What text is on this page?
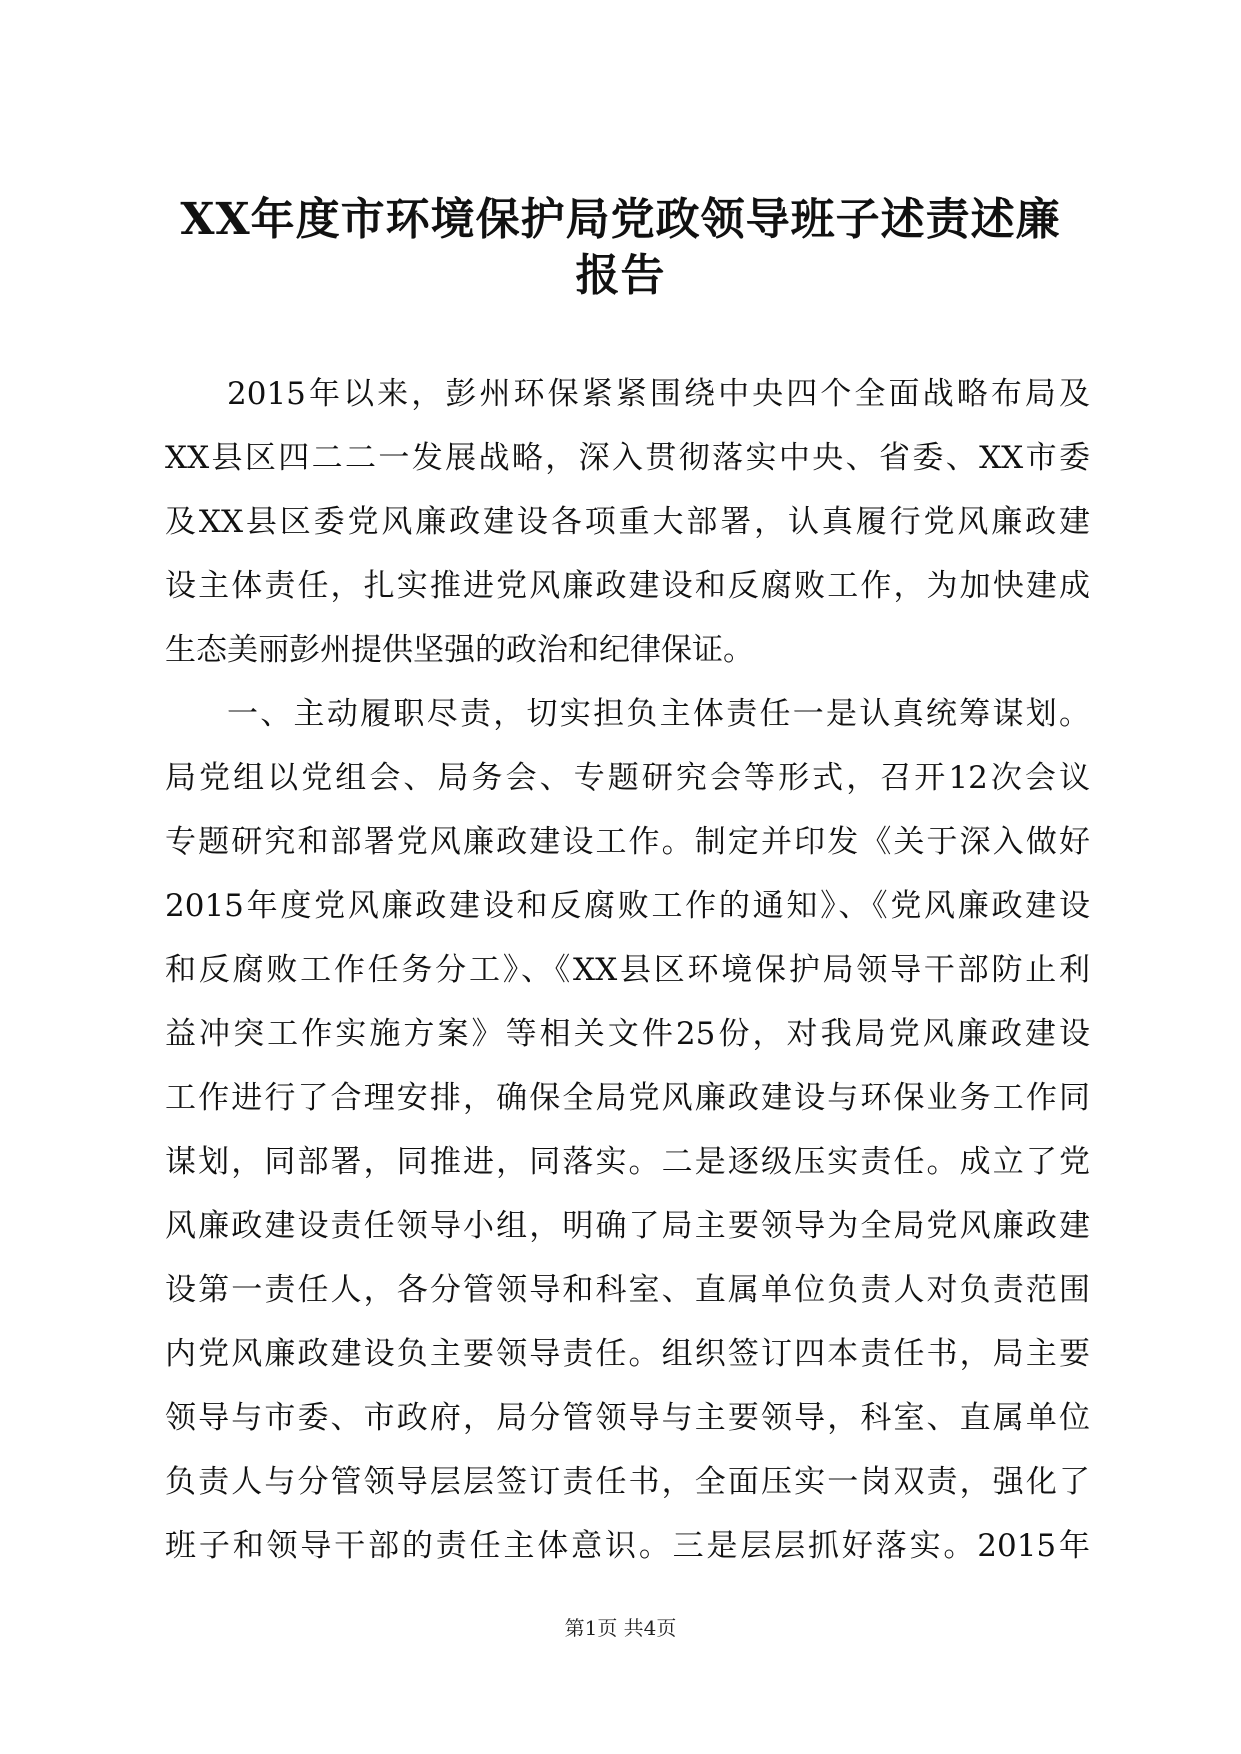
XX年度市环境保护局党政领导班子述责述廉
报告
2015年以来，彭州环保紧紧围绕中央四个全面战略布局及
XX县区四二二一发展战略，深入贯彻落实中央、省委、XX市委
及XX县区委党风廉政建设各项重大部署，认真履行党风廉政建
设主体责任，扎实推进党风廉政建设和反腐败工作，为加快建成
生态美丽彭州提供坚强的政治和纪律保证。
一、主动履职尽责，切实担负主体责任一是认真统筹谋划。
局党组以党组会、局务会、专题研究会等形式，召开12次会议
专题研究和部署党风廉政建设工作。制定并印发《关于深入做好
2015年度党风廉政建设和反腐败工作的通知》、《党风廉政建设
和反腐败工作任务分工》、《XX县区环境保护局领导干部防止利
益冲突工作实施方案》等相关文件25份，对我局党风廉政建设
工作进行了合理安排，确保全局党风廉政建设与环保业务工作同
谋划，同部署，同推进，同落实。二是逐级压实责任。成立了党
风廉政建设责任领导小组，明确了局主要领导为全局党风廉政建
设第一责任人，各分管领导和科室、直属单位负责人对负责范围
内党风廉政建设负主要领导责任。组织签订四本责任书，局主要
领导与市委、市政府，局分管领导与主要领导，科室、直属单位
负责人与分管领导层层签订责任书，全面压实一岗双责，强化了
班子和领导干部的责任主体意识。三是层层抓好落实。2015年
第1页 共4页
